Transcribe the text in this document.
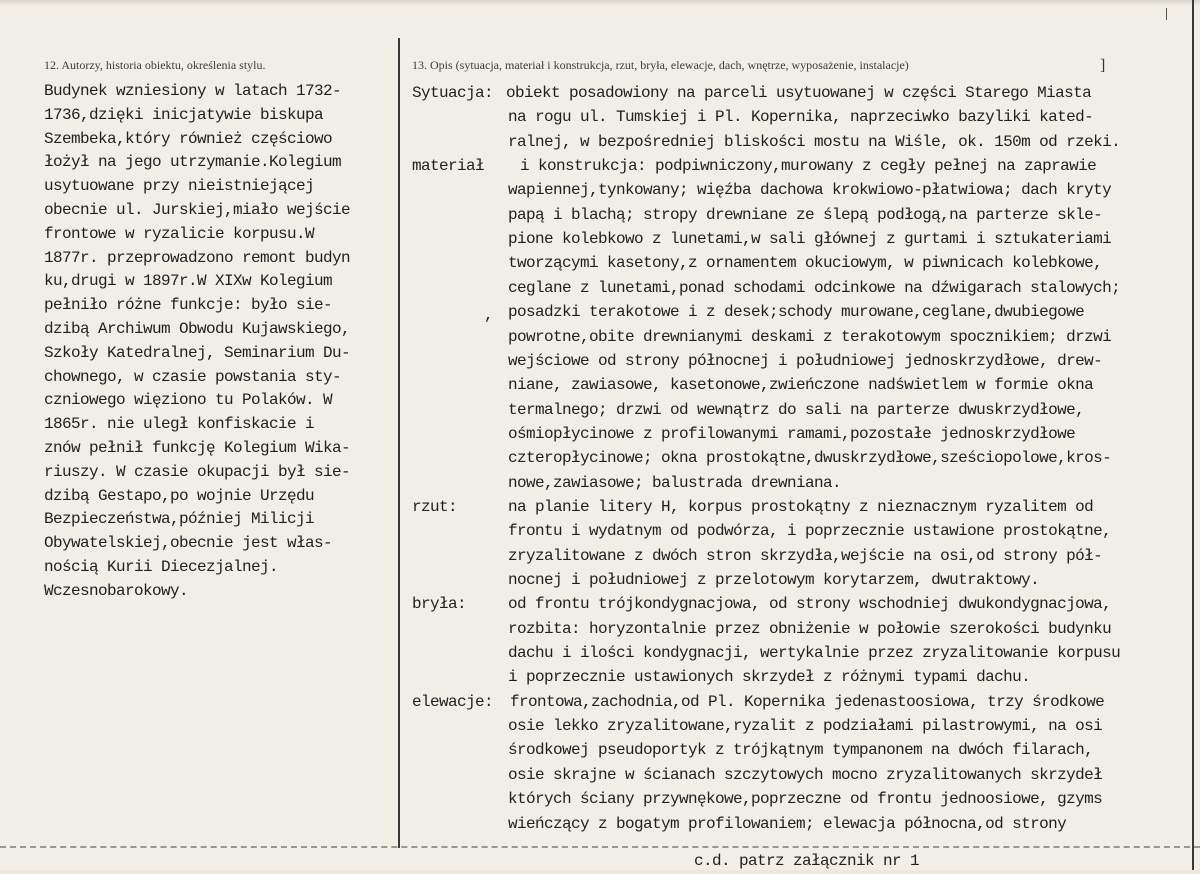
12. Autorzy, historia obiektu, określenia stylu.	13. Opis (sytuacja, materiał i konstrukcja, rzut, bryła, elewacje, dach, wnętrze, wyposażenie, instalacje)	]
Budynek wzniesiony w latach 1732-
1736,dzięki inicjatywie biskupa
Szembeka,który również częściowo
łożył na jego utrzymanie.Kolegium
usytuowane przy nieistniejącej
obecnie ul. Jurskiej,miało wejście
frontowe w ryzalicie korpusu.W
1877r. przeprowadzono remont budyn
ku,drugi w 1897r.W XIXw Kolegium
pełniło różne funkcje: było sie-
dzibą Archiwum Obwodu Kujawskiego,
Szkoły Katedralnej, Seminarium Du-
chownego, w czasie powstania sty-
czniowego więziono tu Polaków. W
1865r. nie uległ konfiskacie i
znów pełnił funkcję Kolegium Wika-
riuszy. W czasie okupacji był sie-
dzibą Gestapo,po wojnie Urzędu
Bezpieczeństwa,później Milicji
Obywatelskiej,obecnie jest włas-
nością Kurii Diecezjalnej.
Wczesnobarokowy.
Sytuacja: obiekt posadowiony na parceli usytuowanej w części Starego Miasta
na rogu ul. Tumskiej i Pl. Kopernika, naprzeciwko bazyliki kated-
ralnej, w bezpośredniej bliskości mostu na Wiśle, ok. 150m od rzeki.
materiał i konstrukcja: podpiwniczony,murowany z cegły pełnej na zaprawie
wapiennej,tynkowany; więźba dachowa krokwiowo-płatwiowa; dach kryty
papą i blachą; stropy drewniane ze ślepą podłogą,na parterze skle-
pione kolebkowo z lunetami,w sali głównej z gurtami i sztukateriami
tworzącymi kasetony,z ornamentem okuciowym, w piwnicach kolebkowe,
ceglane z lunetami,ponad schodami odcinkowe na dźwigarach stalowych;
posadzki terakotowe i z desek;schody murowane,ceglane,dwubiegowe
powrotne,obite drewnianymi deskami z terakotowym spocznikiem; drzwi
wejściowe od strony północnej i południowej jednoskrzydłowe, drew-
niane, zawiasowe, kasetonowe,zwieńczone nadświetlem w formie okna
termalnego; drzwi od wewnątrz do sali na parterze dwuskrzydłowe,
ośmiopłycinowe z profilowanymi ramami,pozostałe jednoskrzydłowe
czteropłycinowe; okna prostokątne,dwuskrzydłowe,sześciopolowe,kros-
nowe,zawiasowe; balustrada drewniana.
rzut:	na planie litery H, korpus prostokątny z nieznacznym ryzalitem od
frontu i wydatnym od podwórza, i poprzecznie ustawione prostokątne,
zryzalitowane z dwóch stron skrzydła,wejście na osi,od strony pół-
nocnej i południowej z przelotowym korytarzem, dwutraktowy.
bryła:	od frontu trójkondygnacjowa, od strony wschodniej dwukondygnacjowa,
rozbita: horyzontalnie przez obniżenie w połowie szerokości budynku
dachu i ilości kondygnacji, wertykalnie przez zryzalitowanie korpusu
i poprzecznie ustawionych skrzydeł z różnymi typami dachu.
elewacje: frontowa,zachodnia,od Pl. Kopernika jedenastoosiowa, trzy środkowe
osie lekko zryzalitowane,ryzalit z podziałami pilastrowymi, na osi
środkowej pseudoportyk z trójkątnym tympanonem na dwóch filarach,
osie skrajne w ścianach szczytowych mocno zryzalitowanych skrzydeł
których ściany przywnękowe,poprzeczne od frontu jednoosiowe, gzyms
wieńczący z bogatym profilowaniem; elewacja północna,od strony
,
c.d. patrz załącznik nr 1
